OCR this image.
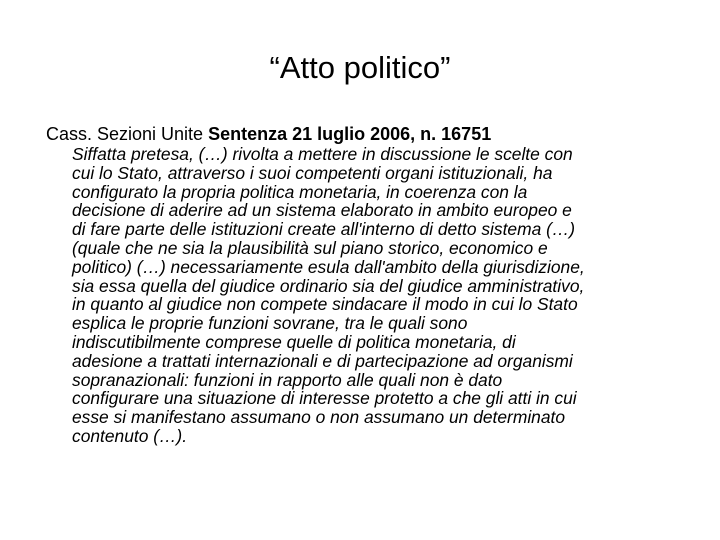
“Atto politico”
Cass. Sezioni Unite Sentenza 21 luglio 2006, n. 16751
Siffatta pretesa, (…) rivolta a mettere in discussione le scelte con
cui lo Stato, attraverso i suoi competenti organi istituzionali, ha
configurato la propria politica monetaria, in coerenza con la
decisione di aderire ad un sistema elaborato in ambito europeo e
di fare parte delle istituzioni create all'interno di detto sistema (…)
(quale che ne sia la plausibilità sul piano storico, economico e
politico) (…) necessariamente esula dall'ambito della giurisdizione,
sia essa quella del giudice ordinario sia del giudice amministrativo,
in quanto al giudice non compete sindacare il modo in cui lo Stato
esplica le proprie funzioni sovrane, tra le quali sono
indiscutibilmente comprese quelle di politica monetaria, di
adesione a trattati internazionali e di partecipazione ad organismi
sopranazionali: funzioni in rapporto alle quali non è dato
configurare una situazione di interesse protetto a che gli atti in cui
esse si manifestano assumano o non assumano un determinato
contenuto (…).
